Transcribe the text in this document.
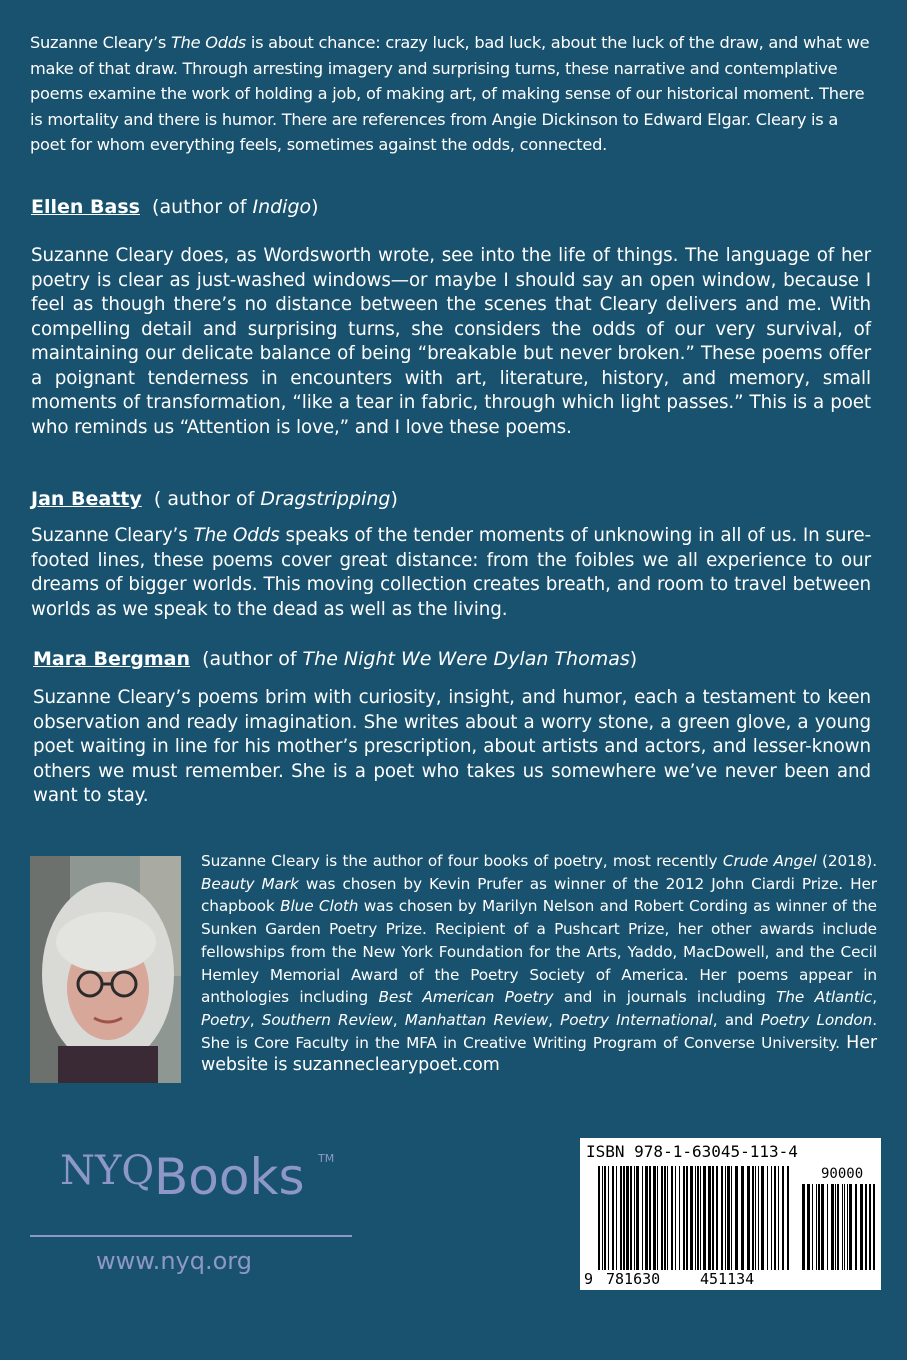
Suzanne Cleary’s The Odds is about chance: crazy luck, bad luck, about the luck of the draw, and what we make of that draw. Through arresting imagery and surprising turns, these narrative and contemplative poems examine the work of holding a job, of making art, of making sense of our historical moment. There is mortality and there is humor. There are references from Angie Dickinson to Edward Elgar. Cleary is a poet for whom everything feels, sometimes against the odds, connected.
Ellen Bass (author of Indigo)
Suzanne Cleary does, as Wordsworth wrote, see into the life of things. The language of her poetry is clear as just-washed windows—or maybe I should say an open window, because I feel as though there’s no distance between the scenes that Cleary delivers and me. With compelling detail and surprising turns, she considers the odds of our very survival, of maintaining our delicate balance of being “breakable but never broken.” These poems offer a poignant tenderness in encounters with art, literature, history, and memory, small moments of transformation, “like a tear in fabric, through which light passes.” This is a poet who reminds us “Attention is love,” and I love these poems.
Jan Beatty ( author of Dragstripping)
Suzanne Cleary’s The Odds speaks of the tender moments of unknowing in all of us. In sure-footed lines, these poems cover great distance: from the foibles we all experience to our dreams of bigger worlds. This moving collection creates breath, and room to travel between worlds as we speak to the dead as well as the living.
Mara Bergman (author of The Night We Were Dylan Thomas)
Suzanne Cleary’s poems brim with curiosity, insight, and humor, each a testament to keen observation and ready imagination. She writes about a worry stone, a green glove, a young poet waiting in line for his mother’s prescription, about artists and actors, and lesser-known others we must remember. She is a poet who takes us somewhere we’ve never been and want to stay.
Suzanne Cleary is the author of four books of poetry, most recently Crude Angel (2018). Beauty Mark was chosen by Kevin Prufer as winner of the 2012 John Ciardi Prize. Her chapbook Blue Cloth was chosen by Marilyn Nelson and Robert Cording as winner of the Sunken Garden Poetry Prize. Recipient of a Pushcart Prize, her other awards include fellowships from the New York Foundation for the Arts, Yaddo, MacDowell, and the Cecil Hemley Memorial Award of the Poetry Society of America. Her poems appear in anthologies including Best American Poetry and in journals including The Atlantic, Poetry, Southern Review, Manhattan Review, Poetry International, and Poetry London. She is Core Faculty in the MFA in Creative Writing Program of Converse University. Her website is suzanneclearypoet.com
NYQ Books TM
www.nyq.org
ISBN 978-1-63045-113-4
90000
9 781630	451134
